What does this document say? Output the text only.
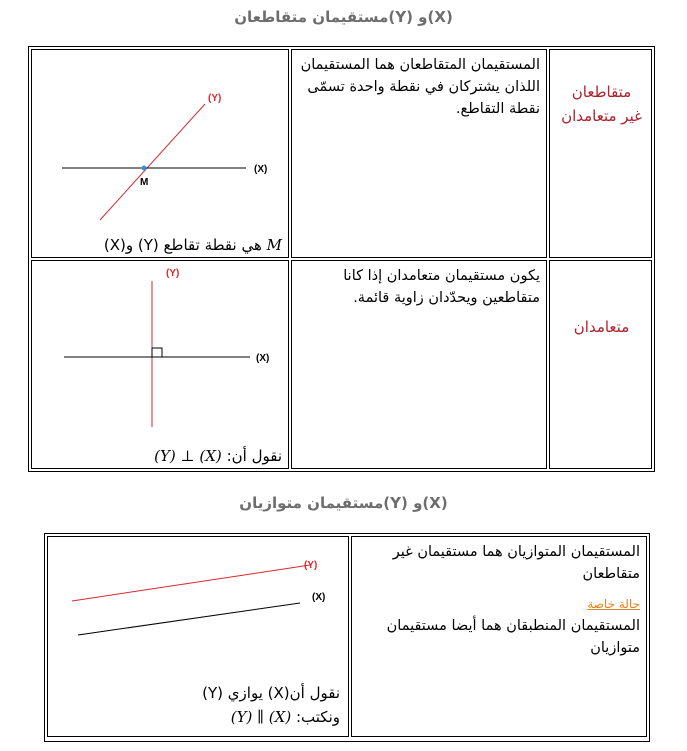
(X)و (Y)مستقيمان متقاطعان
(Y)
(X)
M
M هي نقطة تقاطع (Y) و(X)
المستقيمان المتقاطعان هما المستقيمان اللذان يشتركان في نقطة واحدة تسمّى نقطة التقاطع.
متقاطعان غير متعامدان
(Y)
(X)
نقول أن: (Y) ⊥ (X)
يكون مستقيمان متعامدان إذا كانا متقاطعين ويحدّدان زاوية قائمة.
متعامدان
(X)و (Y)مستقيمان متوازيان
(Y)
(X)
نقول أن(X) يوازي (Y)
ونكتب: (Y) ∥ (X)
المستقيمان المتوازيان هما مستقيمان غير متقاطعان
حالة خاصة
المستقيمان المنطبقان هما أيضا مستقيمان متوازيان
